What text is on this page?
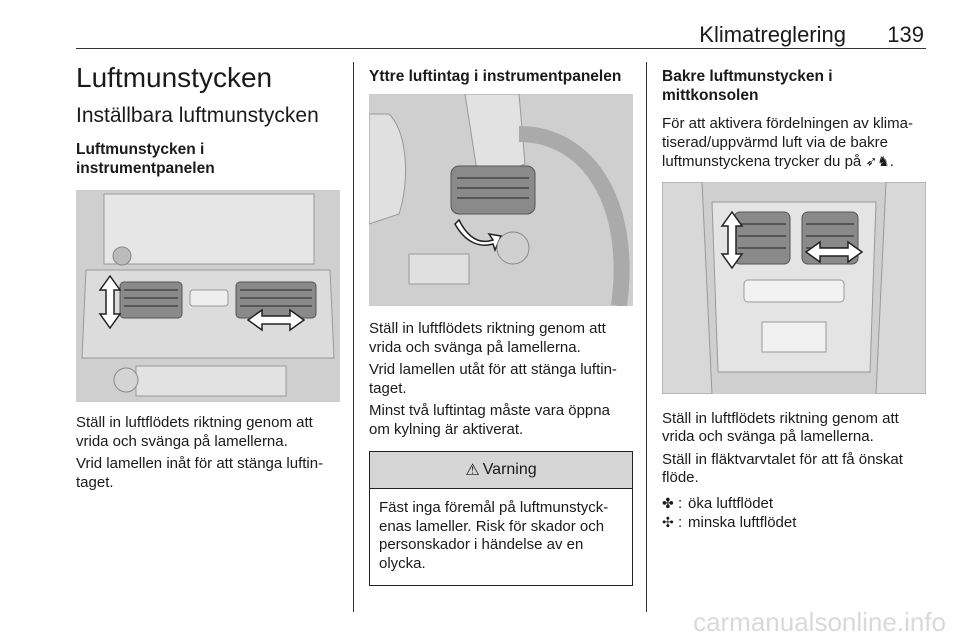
Klimatreglering 139
Luftmunstycken
Inställbara luftmunstycken
Luftmunstycken i
instrumentpanelen

Ställ in luftflödets riktning genom att

vrida och svänga på lamellerna.

Vrid lamellen inåt för att stänga luftin-

taget.

Yttre luftintag i instrumentpanelen

Ställ in luftflödets riktning genom att

vrida och svänga på lamellerna.

Vrid lamellen utåt för att stänga luftin-

taget.

Minst två luftintag måste vara öppna

om kylning är aktiverat.

⚠ Varning

Fäst inga föremål på luftmunstyck-

enas lameller. Risk för skador och

personskador i händelse av en

olycka.

Bakre luftmunstycken i
mittkonsolen

För att aktivera fördelningen av klima-

tiserad/uppvärmd luft via de bakre

luftmunstyckena trycker du på ➶♞.

Ställ in luftflödets riktning genom att

vrida och svänga på lamellerna.

Ställ in fläktvarvtalet för att få önskat

flöde.

✤ : öka luftflödet
✣ : minska luftflödet
carmanualsonline.info
